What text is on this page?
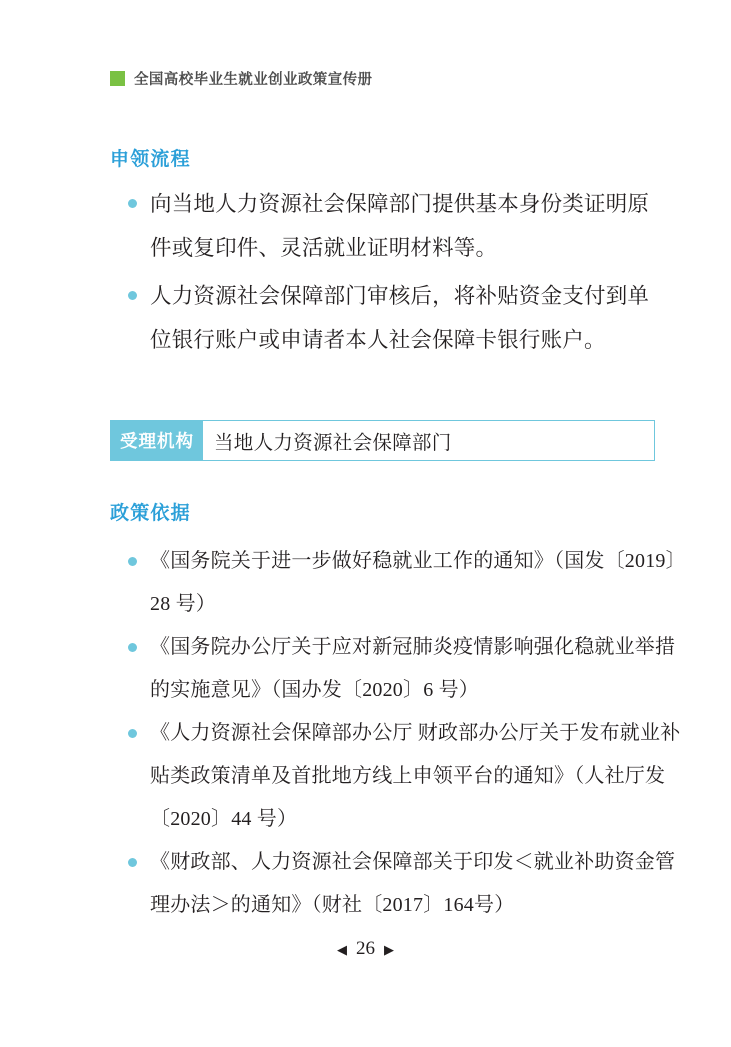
全国高校毕业生就业创业政策宣传册
申领流程
向当地人力资源社会保障部门提供基本身份类证明原件或复印件、灵活就业证明材料等。
人力资源社会保障部门审核后，将补贴资金支付到单位银行账户或申请者本人社会保障卡银行账户。
受理机构	当地人力资源社会保障部门
政策依据
《国务院关于进一步做好稳就业工作的通知》（国发〔2019〕28 号）
《国务院办公厅关于应对新冠肺炎疫情影响强化稳就业举措的实施意见》（国办发〔2020〕6 号）
《人力资源社会保障部办公厅 财政部办公厅关于发布就业补贴类政策清单及首批地方线上申领平台的通知》（人社厅发〔2020〕44 号）
《财政部、人力资源社会保障部关于印发＜就业补助资金管理办法＞的通知》（财社〔2017〕164号）
◀ 26 ▶
